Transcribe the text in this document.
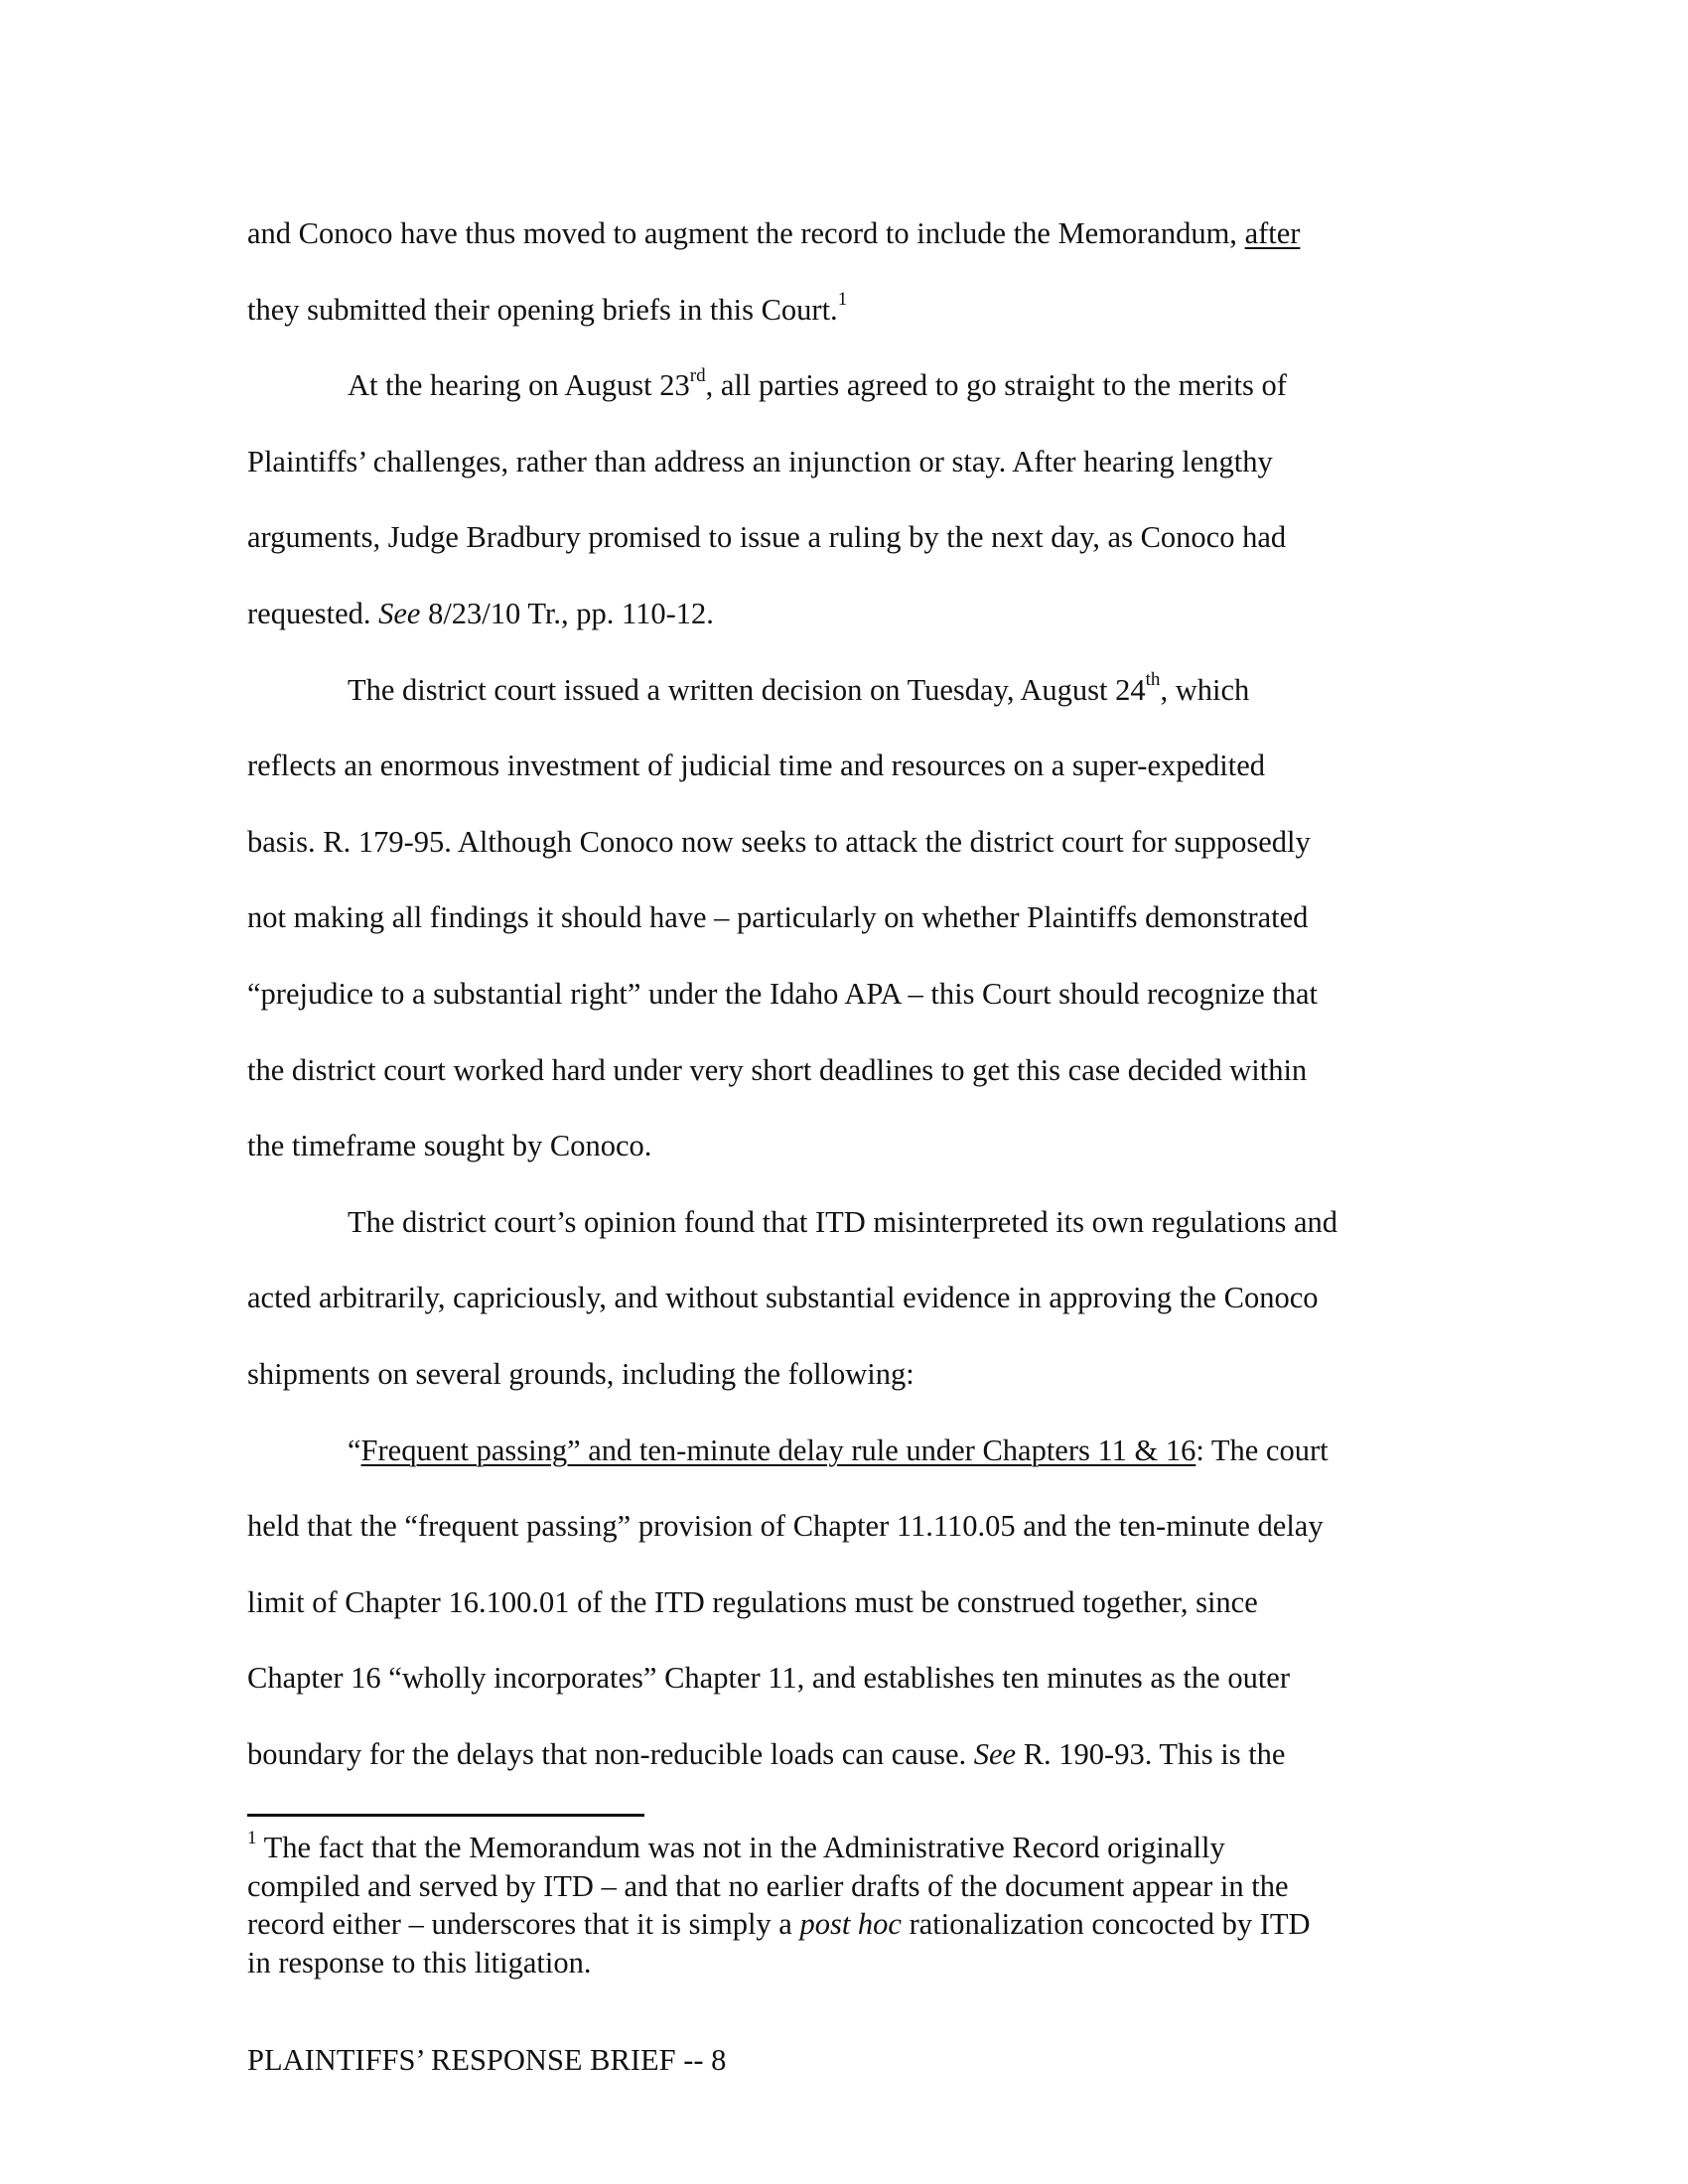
and Conoco have thus moved to augment the record to include the Memorandum, after
they submitted their opening briefs in this Court.$^1$
At the hearing on August 23rd, all parties agreed to go straight to the merits of
Plaintiffs’ challenges, rather than address an injunction or stay. After hearing lengthy
arguments, Judge Bradbury promised to issue a ruling by the next day, as Conoco had
requested. See 8/23/10 Tr., pp. 110-12.
The district court issued a written decision on Tuesday, August 24th, which
reflects an enormous investment of judicial time and resources on a super-expedited
basis. R. 179-95. Although Conoco now seeks to attack the district court for supposedly
not making all findings it should have – particularly on whether Plaintiffs demonstrated
“prejudice to a substantial right” under the Idaho APA – this Court should recognize that
the district court worked hard under very short deadlines to get this case decided within
the timeframe sought by Conoco.
The district court’s opinion found that ITD misinterpreted its own regulations and
acted arbitrarily, capriciously, and without substantial evidence in approving the Conoco
shipments on several grounds, including the following:
“Frequent passing” and ten-minute delay rule under Chapters 11 & 16: The court
held that the “frequent passing” provision of Chapter 11.110.05 and the ten-minute delay
limit of Chapter 16.100.01 of the ITD regulations must be construed together, since
Chapter 16 “wholly incorporates” Chapter 11, and establishes ten minutes as the outer
boundary for the delays that non-reducible loads can cause. See R. 190-93. This is the
$^1$ The fact that the Memorandum was not in the Administrative Record originally
compiled and served by ITD – and that no earlier drafts of the document appear in the
record either – underscores that it is simply a post hoc rationalization concocted by ITD
in response to this litigation.
PLAINTIFFS’ RESPONSE BRIEF -- 8
